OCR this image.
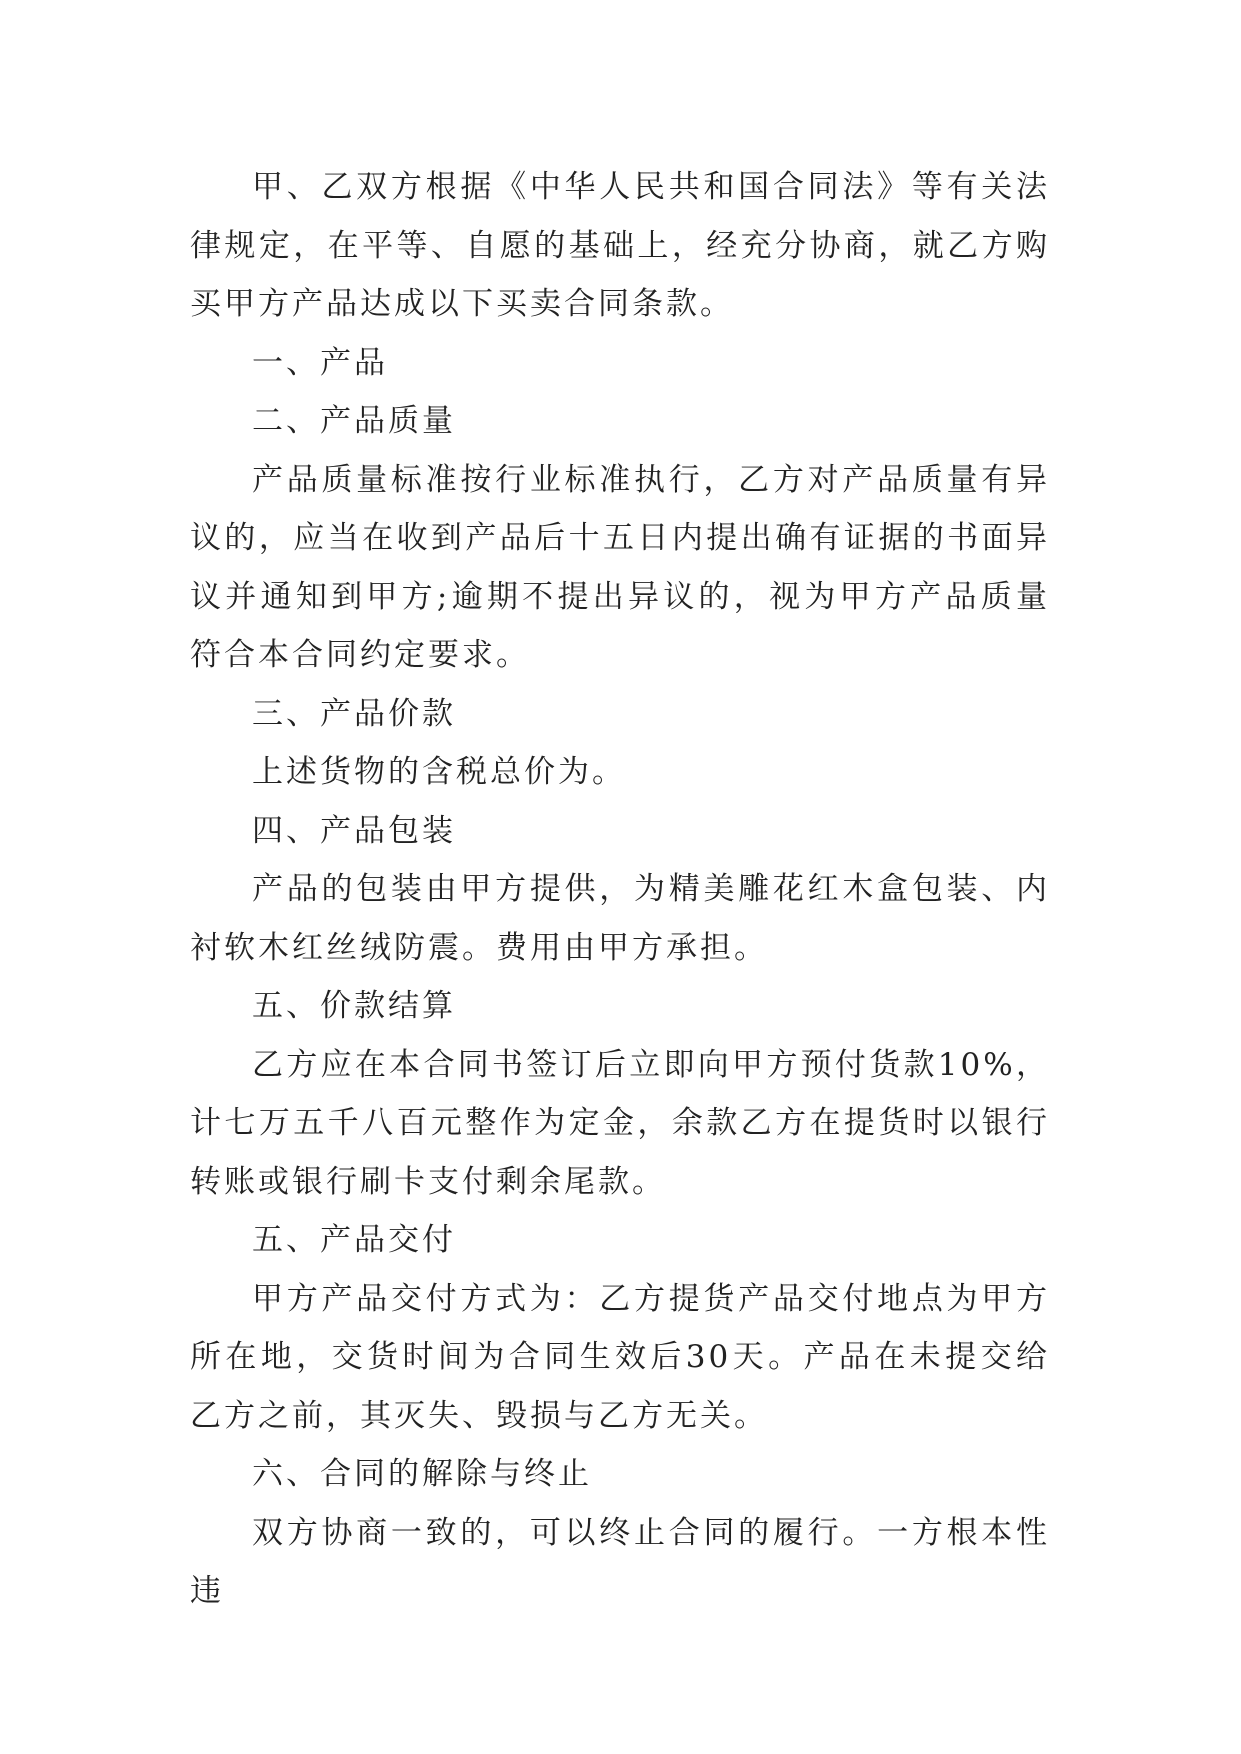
甲、乙双方根据《中华人民共和国合同法》等有关法律规定，在平等、自愿的基础上，经充分协商，就乙方购买甲方产品达成以下买卖合同条款。

一、产品

二、产品质量

产品质量标准按行业标准执行，乙方对产品质量有异议的，应当在收到产品后十五日内提出确有证据的书面异议并通知到甲方;逾期不提出异议的，视为甲方产品质量符合本合同约定要求。

三、产品价款

上述货物的含税总价为。

四、产品包装

产品的包装由甲方提供，为精美雕花红木盒包装、内衬软木红丝绒防震。费用由甲方承担。

五、价款结算

乙方应在本合同书签订后立即向甲方预付货款10%，计七万五千八百元整作为定金，余款乙方在提货时以银行转账或银行刷卡支付剩余尾款。

五、产品交付

甲方产品交付方式为：乙方提货产品交付地点为甲方所在地，交货时间为合同生效后30天。产品在未提交给乙方之前，其灭失、毁损与乙方无关。

六、合同的解除与终止

双方协商一致的，可以终止合同的履行。一方根本性违
